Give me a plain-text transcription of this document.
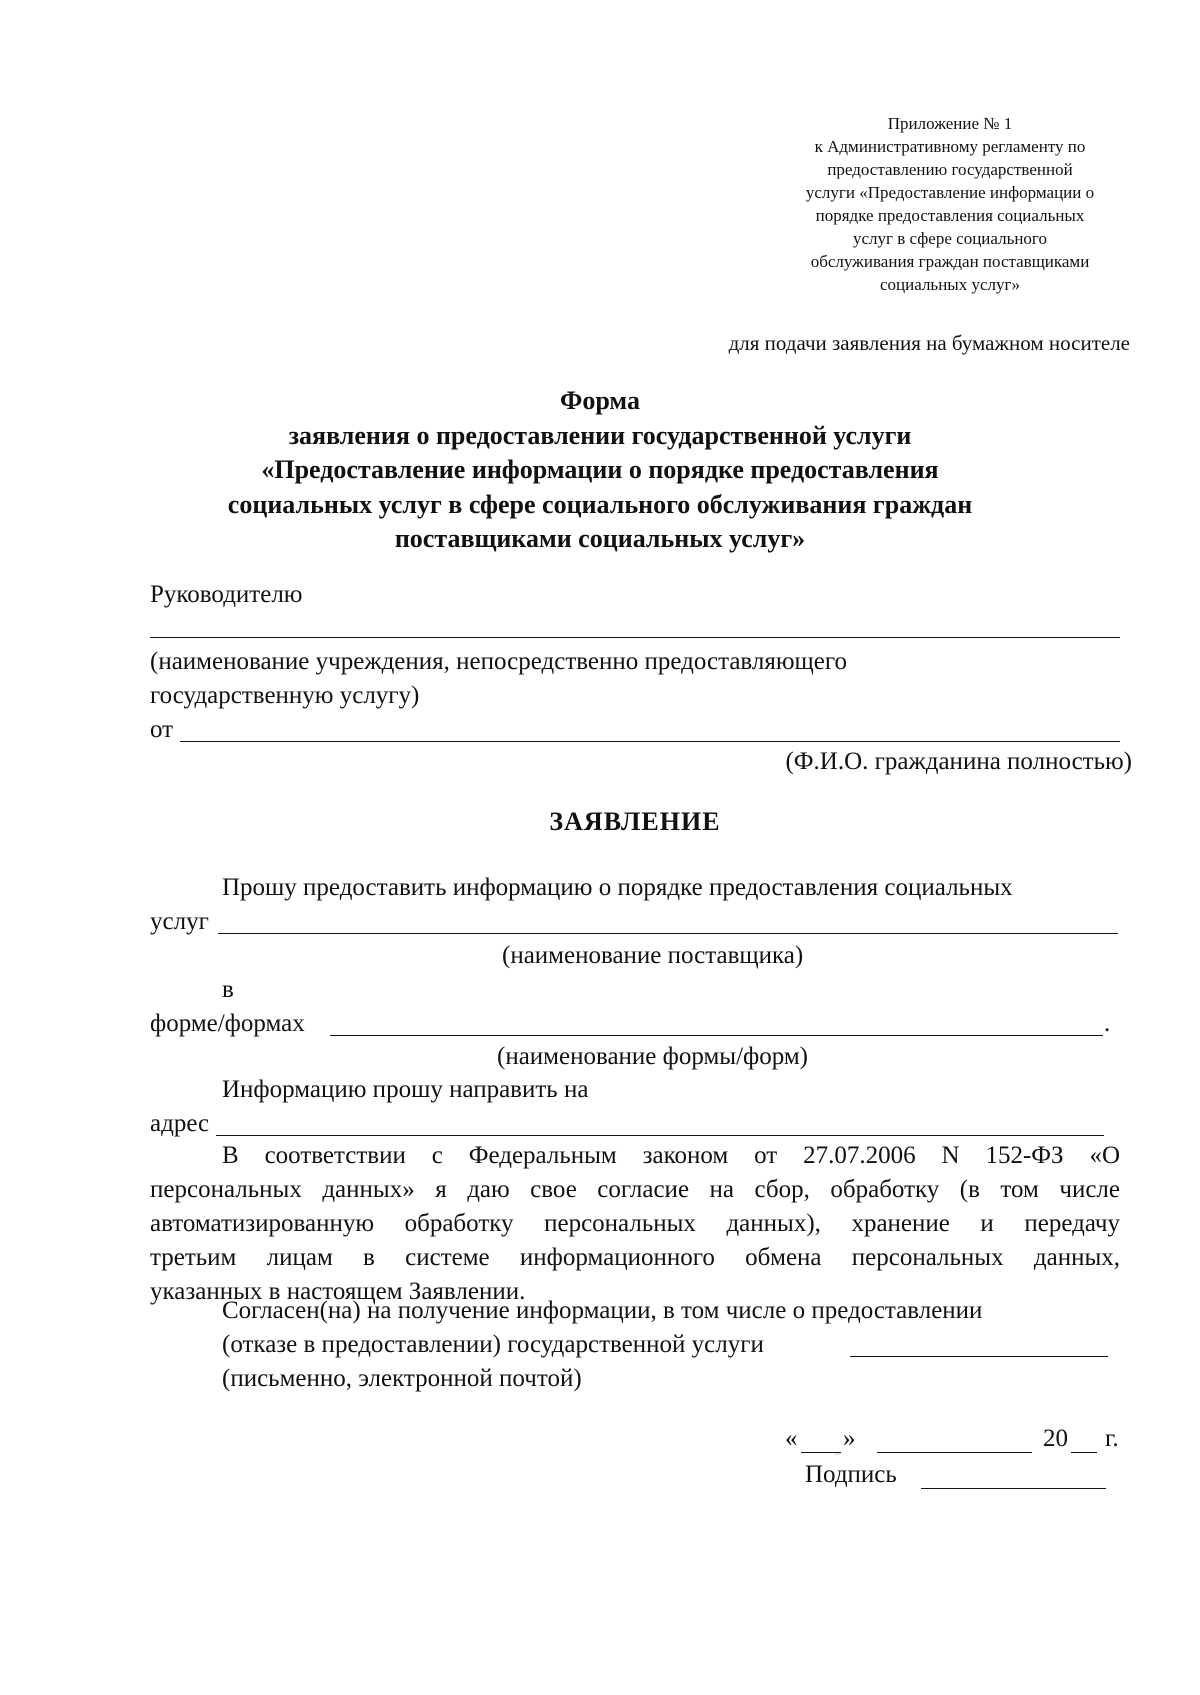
Приложение № 1
к Административному регламенту по
предоставлению государственной
услуги «Предоставление информации о
порядке предоставления социальных
услуг в сфере социального
обслуживания граждан поставщиками
социальных услуг»
для подачи заявления на бумажном носителе
Форма
заявления о предоставлении государственной услуги
«Предоставление информации о порядке предоставления
социальных услуг в сфере социального обслуживания граждан
поставщиками социальных услуг»
Руководителю
(наименование учреждения, непосредственно предоставляющего
государственную услугу)
от
(Ф.И.О. гражданина полностью)
ЗАЯВЛЕНИЕ
Прошу предоставить информацию о порядке предоставления социальных
услуг
(наименование поставщика)
в
форме/формах	.
(наименование формы/форм)
Информацию прошу направить на
адрес
В соответствии с Федеральным законом от 27.07.2006 N 152-ФЗ «О
персональных данных» я даю свое согласие на сбор, обработку (в том числе
автоматизированную обработку персональных данных), хранение и передачу
третьим лицам в системе информационного обмена персональных данных,
указанных в настоящем Заявлении.
Согласен(на) на получение информации, в том числе о предоставлении
(отказе в предоставлении) государственной услуги
(письменно, электронной почтой)
« »	20 г.
Подпись
